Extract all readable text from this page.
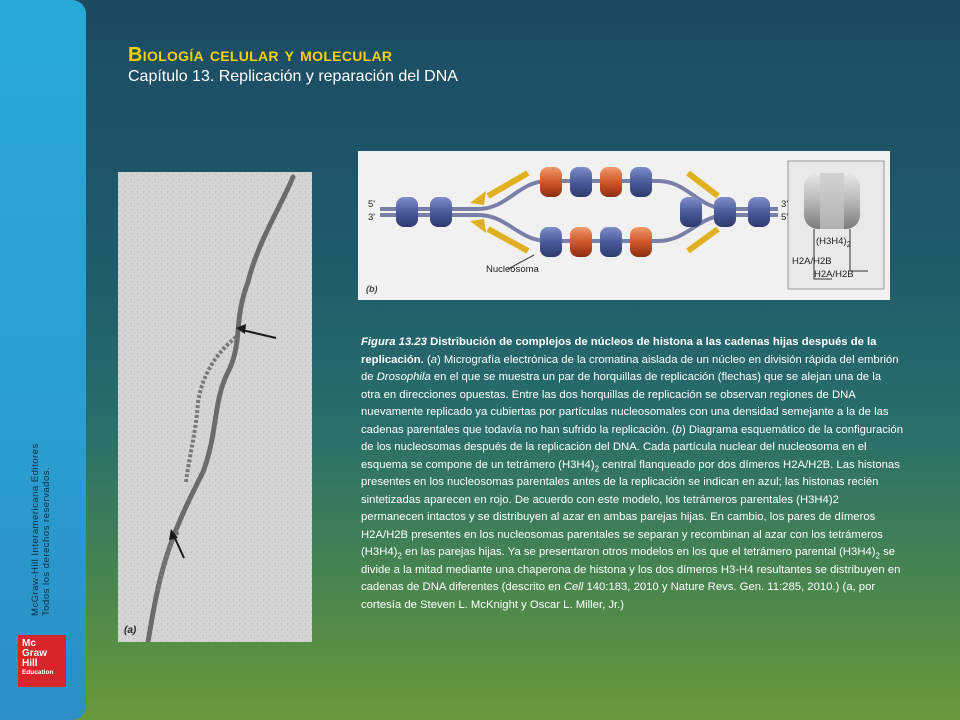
McGraw-Hill Interamericana Editores Todos los derechos reservados.
Mc
Graw
Hill
Education
BIOLOGÍA CELULAR Y MOLECULAR
Capítulo 13. Replicación y reparación del DNA
(a)
5'
3'
3'
5'
Nucleosoma
$(H3H4)_2$
H2A/H2B
H2A/H2B
(b)
Figura 13.23 Distribución de complejos de núcleos de histona a las cadenas hijas después de la replicación. (a) Micrografía electrónica de la cromatina aislada de un núcleo en división rápida del embrión de Drosophila en el que se muestra un par de horquillas de replicación (flechas) que se alejan una de la otra en direcciones opuestas. Entre las dos horquillas de replicación se observan regiones de DNA nuevamente replicado ya cubiertas por partículas nucleosomales con una densidad semejante a la de las cadenas parentales que todavía no han sufrido la replicación. (b) Diagrama esquemático de la configuración de los nucleosomas después de la replicación del DNA. Cada partícula nuclear del nucleosoma en el esquema se compone de un tetrámero $(H3H4)_2$ central flanqueado por dos dímeros H2A/H2B. Las histonas presentes en los nucleosomas parentales antes de la replicación se indican en azul; las histonas recién sintetizadas aparecen en rojo. De acuerdo con este modelo, los tetrámeros parentales (H3H4)2 permanecen intactos y se distribuyen al azar en ambas parejas hijas. En cambio, los pares de dímeros H2A/H2B presentes en los nucleosomas parentales se separan y recombinan al azar con los tetrámeros $(H3H4)_2$ en las parejas hijas. Ya se presentaron otros modelos en los que el tetrámero parental $(H3H4)_2$ se divide a la mitad mediante una chaperona de histona y los dos dímeros H3-H4 resultantes se distribuyen en cadenas de DNA diferentes (descrito en Cell 140:183, 2010 y Nature Revs. Gen. 11:285, 2010.) (a, por cortesía de Steven L. McKnight y Oscar L. Miller, Jr.)
